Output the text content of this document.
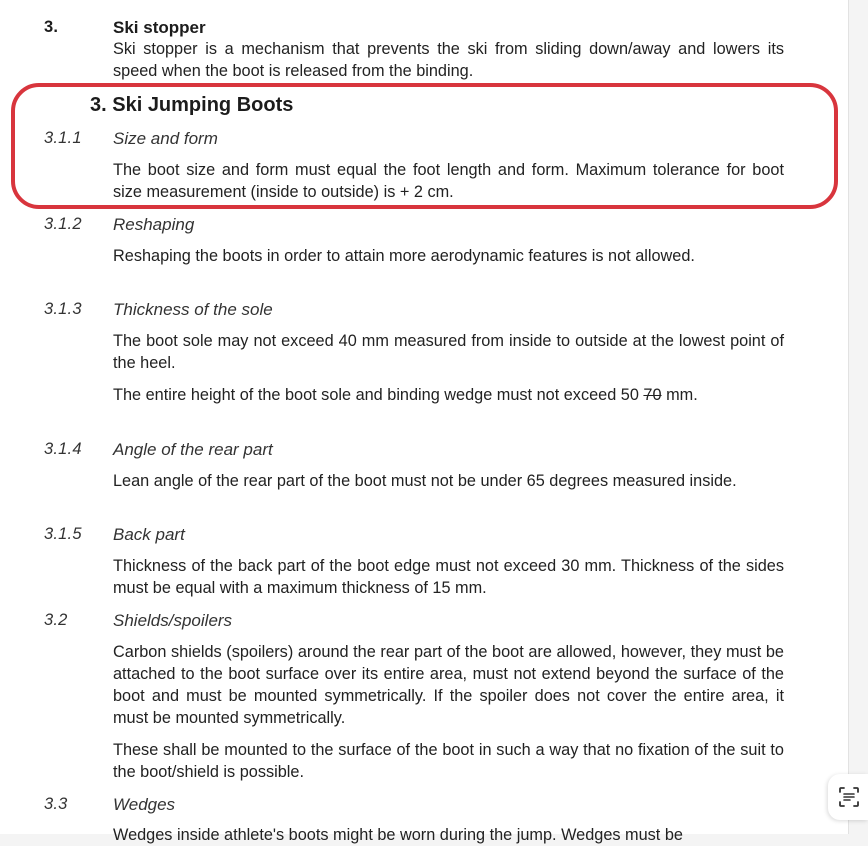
3.	Ski stopper
Ski stopper is a mechanism that prevents the ski from sliding down/away and lowers its speed when the boot is released from the binding.
3. Ski Jumping Boots
3.1.1 Size and form
The boot size and form must equal the foot length and form. Maximum tolerance for boot size measurement (inside to outside) is + 2 cm.
3.1.2 Reshaping
Reshaping the boots in order to attain more aerodynamic features is not allowed.
3.1.3 Thickness of the sole
The boot sole may not exceed 40 mm measured from inside to outside at the lowest point of the heel.
The entire height of the boot sole and binding wedge must not exceed 50 70 mm.
3.1.4 Angle of the rear part
Lean angle of the rear part of the boot must not be under 65 degrees measured inside.
3.1.5 Back part
Thickness of the back part of the boot edge must not exceed 30 mm. Thickness of the sides must be equal with a maximum thickness of 15 mm.
3.2	Shields/spoilers
Carbon shields (spoilers) around the rear part of the boot are allowed, however, they must be attached to the boot surface over its entire area, must not extend beyond the surface of the boot and must be mounted symmetrically. If the spoiler does not cover the entire area, it must be mounted symmetrically.
These shall be mounted to the surface of the boot in such a way that no fixation of the suit to the boot/shield is possible.
3.3	Wedges
Wedges inside athlete's boots might be worn during the jump. Wedges must be
